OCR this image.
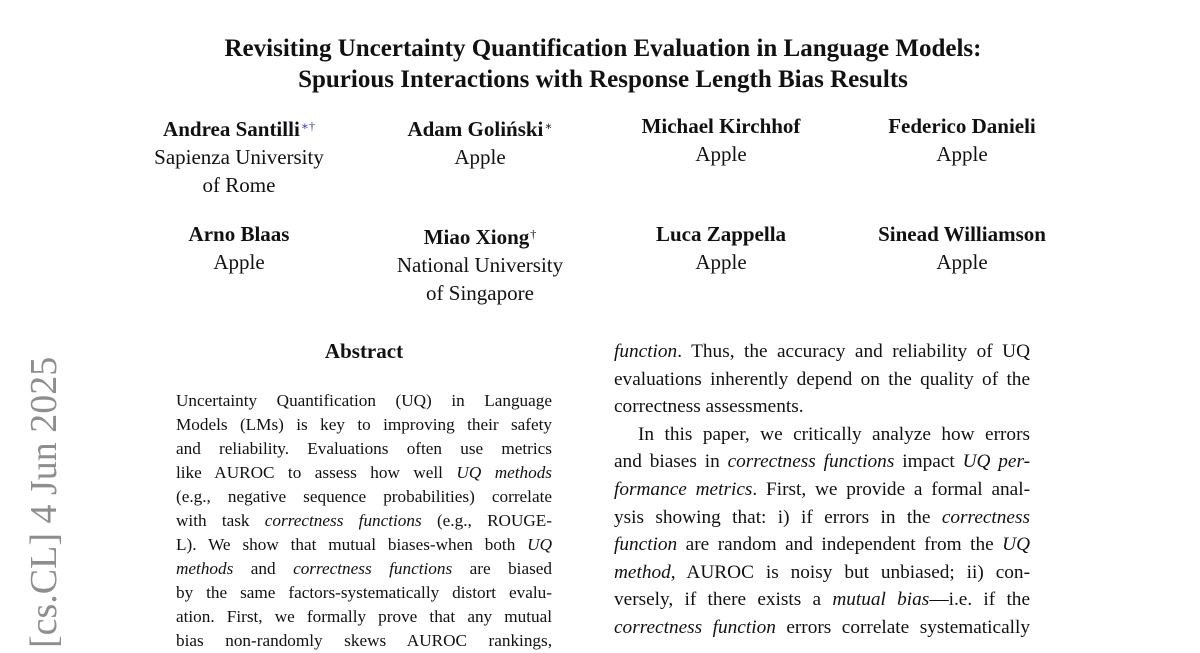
[cs.CL] 4 Jun 2025
Revisiting Uncertainty Quantification Evaluation in Language Models:
Spurious Interactions with Response Length Bias Results
Andrea Santilli∗†
Sapienza University
of Rome
Adam Goliński∗
Apple
Michael Kirchhof
Apple
Federico Danieli
Apple
Arno Blaas
Apple
Miao Xiong†
National University
of Singapore
Luca Zappella
Apple
Sinead Williamson
Apple
Abstract
Uncertainty Quantification (UQ) in Language
Models (LMs) is key to improving their safety
and reliability. Evaluations often use metrics
like AUROC to assess how well UQ methods
(e.g., negative sequence probabilities) correlate
with task correctness functions (e.g., ROUGE-
L). We show that mutual biases-when both UQ
methods and correctness functions are biased
by the same factors-systematically distort evalu-
ation. First, we formally prove that any mutual
bias non-randomly skews AUROC rankings,
function. Thus, the accuracy and reliability of UQ
evaluations inherently depend on the quality of the
correctness assessments.
In this paper, we critically analyze how errors
and biases in correctness functions impact UQ per-
formance metrics. First, we provide a formal anal-
ysis showing that: i) if errors in the correctness
function are random and independent from the UQ
method, AUROC is noisy but unbiased; ii) con-
versely, if there exists a mutual bias—i.e. if the
correctness function errors correlate systematically
